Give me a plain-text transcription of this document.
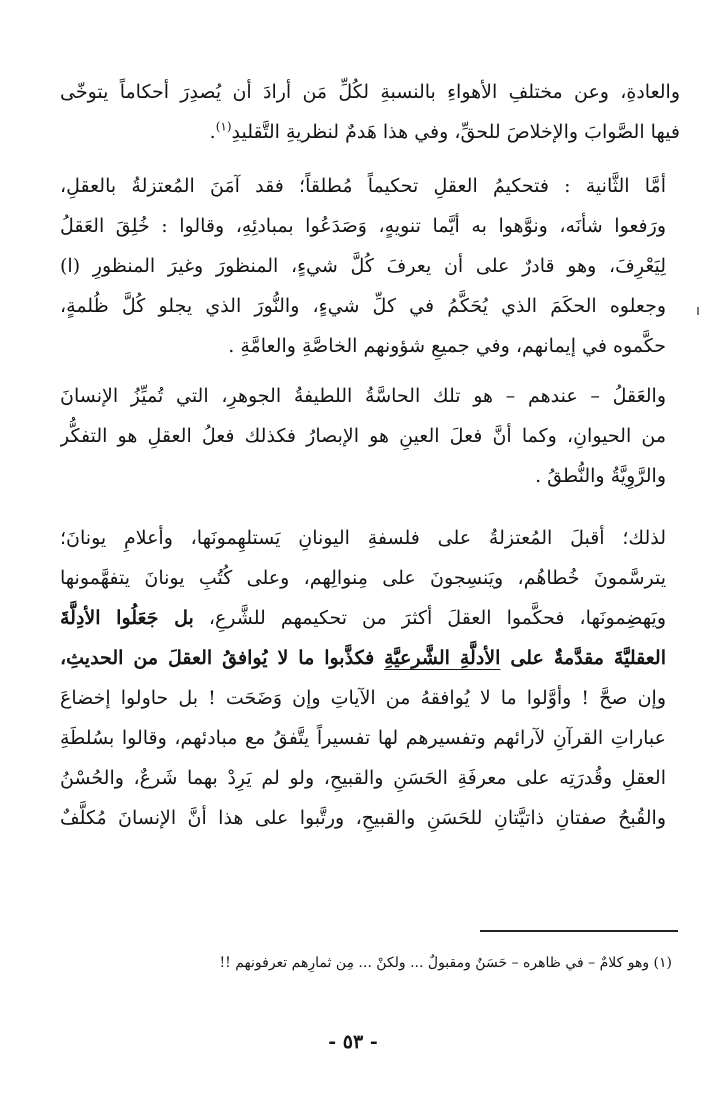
والعادةِ، وعن مختلفِ الأهواءِ بالنسبةِ لكُلِّ مَن أرادَ أن يُصدِرَ أحكاماً يتوخّى
فيها الصَّوابَ والإخلاصَ للحقِّ، وفي هذا هَدمٌ لنظريةِ التَّقليدِ$^{(١)}$.

أمَّا الثَّانية : فتحكيمُ العقلِ تحكيماً مُطلقاً؛ فقد آمَنَ المُعتزلةُ بالعقلِ،
ورَفعوا شأنَه، ونوَّهوا به أيَّما تنويهٍ، وَصَدَعُوا بمبادئِهِ، وقالوا : خُلِقَ العَقلُ
لِيَعْرِفَ، وهو قادرٌ على أن يعرفَ كُلَّ شيءٍ، المنظورَ وغيرَ المنظورِ (ا)
وجعلوه الحكَمَ الذي يُحَكَّمُ في كلِّ شيءٍ، والنُّورَ الذي يجلو كُلَّ ظُلمةٍ،
حكَّموه في إيمانهم، وفي جميعِ شؤونهم الخاصَّةِ والعامَّةِ .

والعَقلُ – عندهم – هو تلك الحاسَّةُ اللطيفةُ الجوهرِ، التي تُميِّزُ الإنسانَ
من الحيوانِ، وكما أنَّ فعلَ العينِ هو الإبصارُ فكذلك فعلُ العقلِ هو التفكُّر
والرَّوِيَّةُ والنُّطقُ .

لذلك؛ أقبلَ المُعتزلةُ على فلسفةِ اليونانِ يَستلهِمونَها، وأعلامِ يونانَ؛
يترسَّمونَ خُطاهُم، ويَنسِجونَ على مِنوالِهم، وعلى كُتُبِ يونانَ يتفهَّمونها
ويَهضِمونَها، فحكَّموا العقلَ أكثرَ من تحكيمهم للشَّرعِ، بل جَعَلُوا الأدِلَّةَ
العقليَّةَ مقدَّمةٌ على الأدلَّةِ الشَّرعيَّةِ فكذَّبوا ما لا يُوافقُ العقلَ من الحديثِ،
وإن صحَّ ! وأوَّلوا ما لا يُوافقهُ من الآياتِ وإن وَضَحَت ! بل حاولوا إخضاعَ
عباراتِ القرآنِ لآرائهم وتفسيرهم لها تفسيراً يتَّفقُ مع مبادئهم، وقالوا بسُلطَةِ
العقلِ وقُدرَتِه على معرفَةِ الحَسَنِ والقبيحِ، ولو لم يَرِدْ بهما شَرعٌ، والحُسْنُ
والقُبحُ صفتانِ ذاتيَّتانِ للحَسَنِ والقبيحِ، ورتَّبوا على هذا أنَّ الإنسانَ مُكلَّفٌ

(١) وهو كلامٌ – في ظاهره – حَسَنٌ ومقبولٌ ... ولكنْ ... مِن ثمارِهم تعرفونهم !!
- ٥٣ -
